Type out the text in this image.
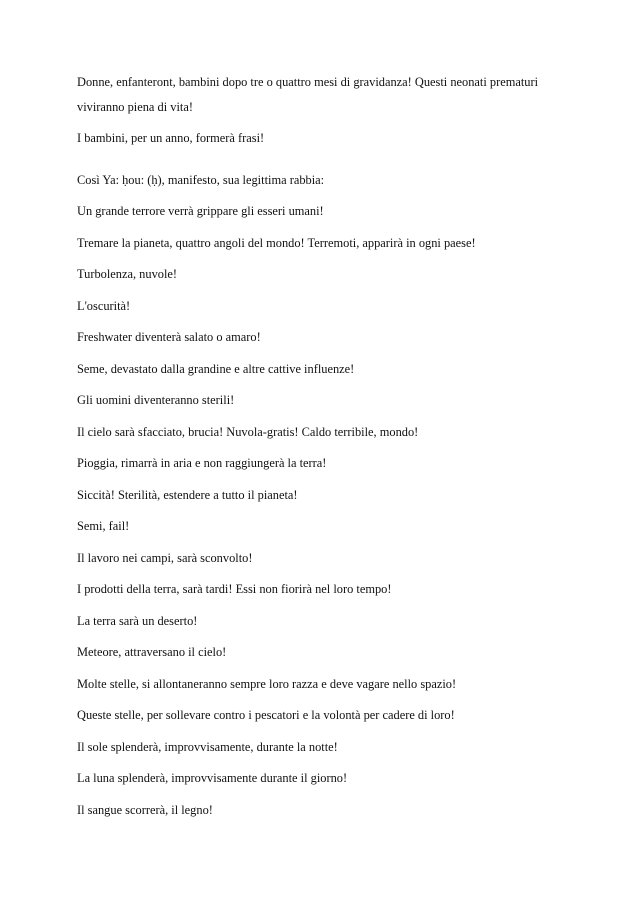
Donne, enfanteront, bambini dopo tre o quattro mesi di gravidanza! Questi neonati prematuri viviranno piena di vita!

I bambini, per un anno, formerà frasi!

Così Ya: ḥou: (ḥ), manifesto, sua legittima rabbia:

Un grande terrore verrà grippare gli esseri umani!

Tremare la pianeta, quattro angoli del mondo! Terremoti, apparirà in ogni paese!

Turbolenza, nuvole!

L'oscurità!

Freshwater diventerà salato o amaro!

Seme, devastato dalla grandine e altre cattive influenze!

Gli uomini diventeranno sterili!

Il cielo sarà sfacciato, brucia! Nuvola-gratis! Caldo terribile, mondo!

Pioggia, rimarrà in aria e non raggiungerà la terra!

Siccità! Sterilità, estendere a tutto il pianeta!

Semi, fail!

Il lavoro nei campi, sarà sconvolto!

I prodotti della terra, sarà tardi! Essi non fiorirà nel loro tempo!

La terra sarà un deserto!

Meteore, attraversano il cielo!

Molte stelle, si allontaneranno sempre loro razza e deve vagare nello spazio!

Queste stelle, per sollevare contro i pescatori e la volontà per cadere di loro!

Il sole splenderà, improvvisamente, durante la notte!

La luna splenderà, improvvisamente durante il giorno!

Il sangue scorrerà, il legno!
